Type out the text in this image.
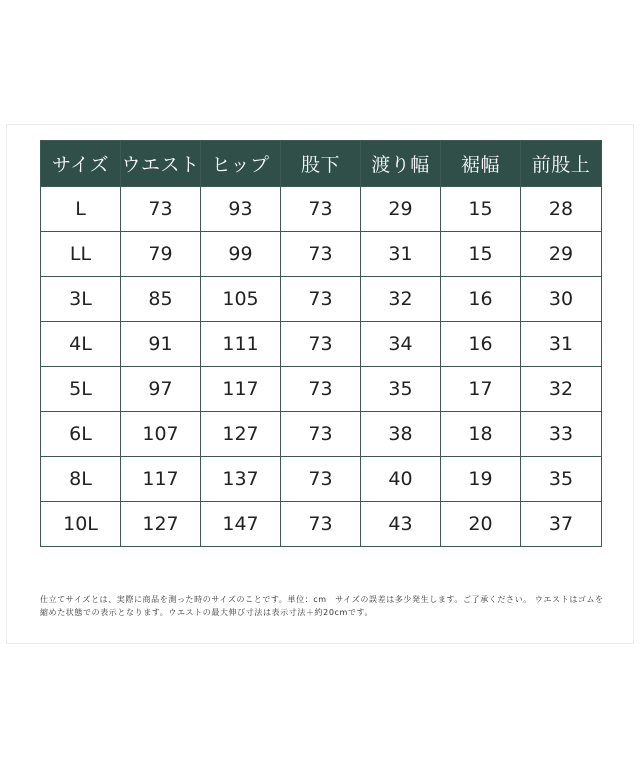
サイズ	ウエスト	ヒップ	股下	渡り幅	裾幅	前股上
L	73	93	73	29	15	28
LL	79	99	73	31	15	29
3L	85	105	73	32	16	30
4L	91	111	73	34	16	31
5L	97	117	73	35	17	32
6L	107	127	73	38	18	33
8L	117	137	73	40	19	35
10L	127	147	73	43	20	37

仕立てサイズとは、実際に商品を測った時のサイズのことです。単位：cm　サイズの誤差は多少発生します。ご了承ください。 ウエストはゴムを縮めた状態での表示となります。ウエストの最大伸び寸法は表示寸法＋約20cmです。
